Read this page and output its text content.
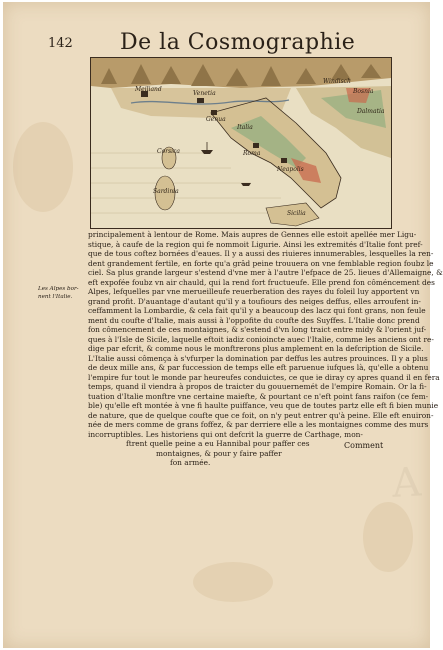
142 De la Cosmographie
Meiliand
Venetia
Genua
Italia
Roma
Neapolis
Sicilia
Windisch
Bosnia
Dalmatia
Corsica
Sardinia
Les Alpes bor-
nent l'Italie.
principalement à lentour de Rome. Mais aupres de Gennes elle estoit apellée mer Ligu-
stique, à caufe de la region qui fe nommoit Ligurie. Ainsi les extremités d'Italie font pref-
que de tous coftez bornées d'eaues. Il y a aussi des riuieres innumerables, lesquelles la ren-
dent grandement fertile, en forte qu'a grâd peine trouuera on vne femblable region foubz le
ciel. Sa plus grande largeur s'estend d'vne mer à l'autre l'efpace de 25. lieues d'Allemaigne, &
eft expofée foubz vn air chauld, qui la rend fort fructueufe. Elle prend fon côméncement des
Alpes, lefquelles par vne merueilleufe reuerberation des rayes du foleil luy apportent vn
grand profit. D'auantage d'autant qu'il y a toufiours des neiges deffus, elles arroufent in-
ceffamment la Lombardie, & cela fait qu'il y a beaucoup des lacz qui font grans, non feule
ment du coufte d'Italie, mais aussi à l'oppofite du coufte des Suyffes. L'Italie donc prend
fon cômencement de ces montaignes, & s'estend d'vn long traict entre midy & l'orient juf-
ques à l'Isle de Sicile, laquelle eftoit iadiz conioincte auec l'Italie, comme les anciens ont re-
dige par efcrit, & comme nous le monftrerons plus amplement en la defcription de Sicile.
L'Italie aussi cômença à s'vfurper la domination par deffus les autres prouinces. Il y a plus
de deux mille ans, & par fuccession de temps elle eft paruenue iufques là, qu'elle a obtenu
l'empire fur tout le monde par heureufes conduictes, ce que ie diray cy apres quand il en fera
temps, quand il viendra à propos de traicter du gouuernemét de l'empire Romain. Or la fi-
tuation d'Italie monftre vne certaine maiefte, & pourtant ce n'eft point fans raifon (ce fem-
ble) qu'elle eft montée à vne fi haulte puiffance, veu que de toutes partz elle eft fi bien munie
de nature, que de quelque coufte que ce foit, on n'y peut entrer qu'à peine. Elle eft enuiron-
née de mers comme de grans foffez, & par derriere elle a les montaignes comme des murs
incorruptibles. Les historiens qui ont defcrit la guerre de Carthage, mon-
ftrent quelle peine a eu Hannibal pour paffer ces
montaignes, & pour y faire paffer
fon armée.
Comment
A
